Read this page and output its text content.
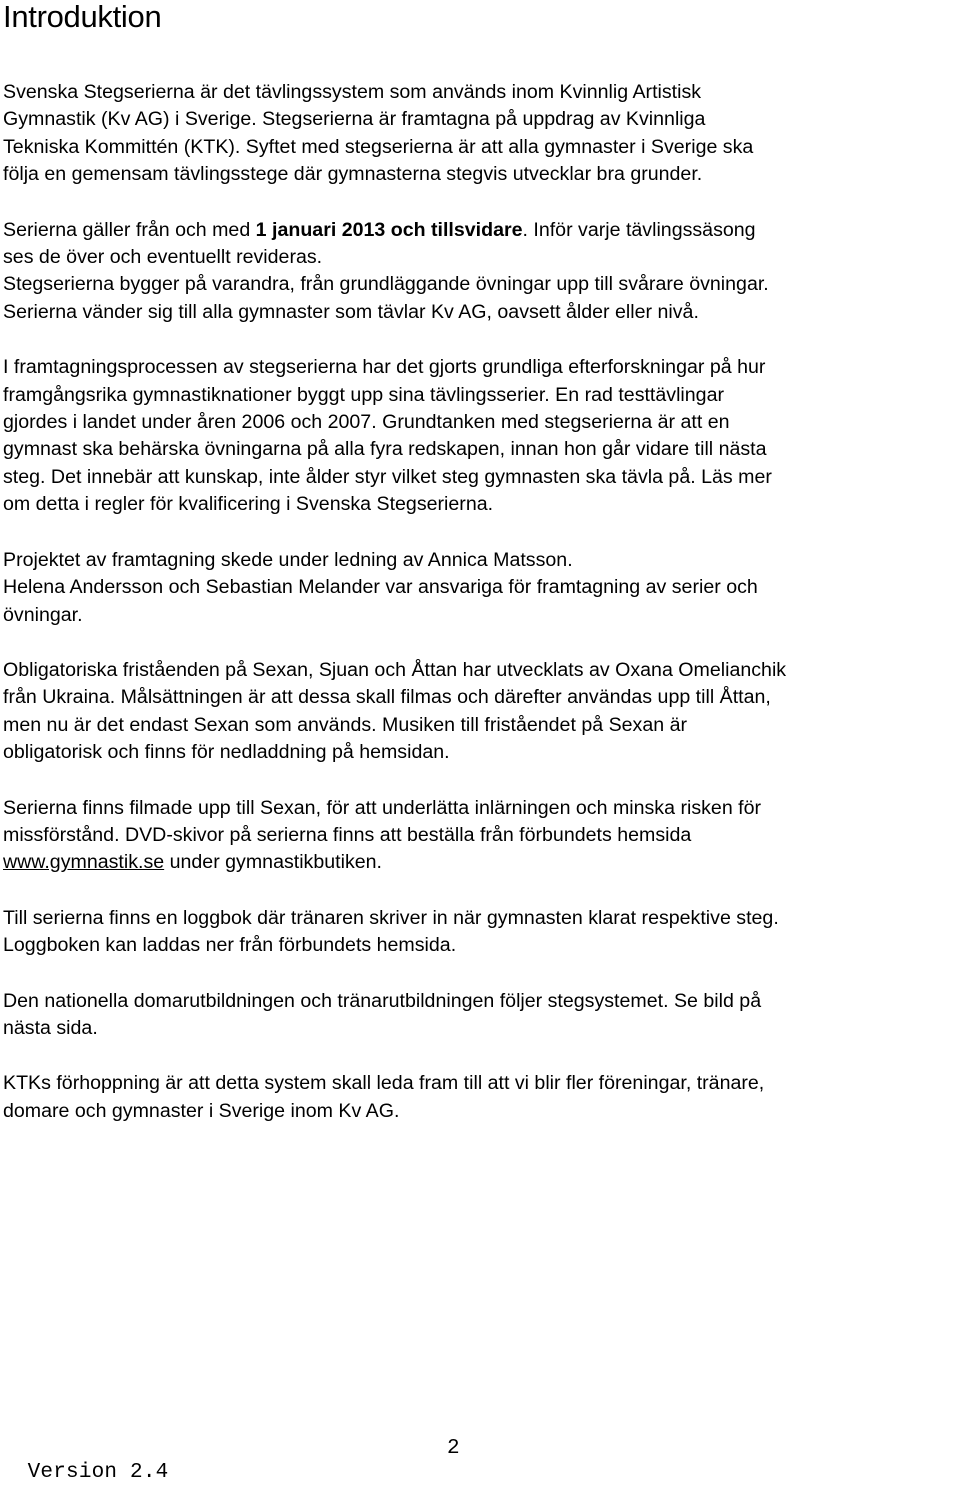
Introduktion
Svenska Stegserierna är det tävlingssystem som används inom Kvinnlig Artistisk
Gymnastik (Kv AG) i Sverige. Stegserierna är framtagna på uppdrag av Kvinnliga
Tekniska Kommittén (KTK). Syftet med stegserierna är att alla gymnaster i Sverige ska
följa en gemensam tävlingsstege där gymnasterna stegvis utvecklar bra grunder.
Serierna gäller från och med 1 januari 2013 och tillsvidare. Inför varje tävlingssäsong
ses de över och eventuellt revideras.
Stegserierna bygger på varandra, från grundläggande övningar upp till svårare övningar.
Serierna vänder sig till alla gymnaster som tävlar Kv AG, oavsett ålder eller nivå.
I framtagningsprocessen av stegserierna har det gjorts grundliga efterforskningar på hur
framgångsrika gymnastiknationer byggt upp sina tävlingsserier. En rad testtävlingar
gjordes i landet under åren 2006 och 2007. Grundtanken med stegserierna är att en
gymnast ska behärska övningarna på alla fyra redskapen, innan hon går vidare till nästa
steg. Det innebär att kunskap, inte ålder styr vilket steg gymnasten ska tävla på. Läs mer
om detta i regler för kvalificering i Svenska Stegserierna.
Projektet av framtagning skede under ledning av Annica Matsson.
Helena Andersson och Sebastian Melander var ansvariga för framtagning av serier och
övningar.
Obligatoriska friståenden på Sexan, Sjuan och Åttan har utvecklats av Oxana Omelianchik
från Ukraina. Målsättningen är att dessa skall filmas och därefter användas upp till Åttan,
men nu är det endast Sexan som används. Musiken till friståendet på Sexan är
obligatorisk och finns för nedladdning på hemsidan.
Serierna finns filmade upp till Sexan, för att underlätta inlärningen och minska risken för
missförstånd. DVD-skivor på serierna finns att beställa från förbundets hemsida
www.gymnastik.se under gymnastikbutiken.
Till serierna finns en loggbok där tränaren skriver in när gymnasten klarat respektive steg.
Loggboken kan laddas ner från förbundets hemsida.
Den nationella domarutbildningen och tränarutbildningen följer stegsystemet. Se bild på
nästa sida.
KTKs förhoppning är att detta system skall leda fram till att vi blir fler föreningar, tränare,
domare och gymnaster i Sverige inom Kv AG.

Version 2.4

2
